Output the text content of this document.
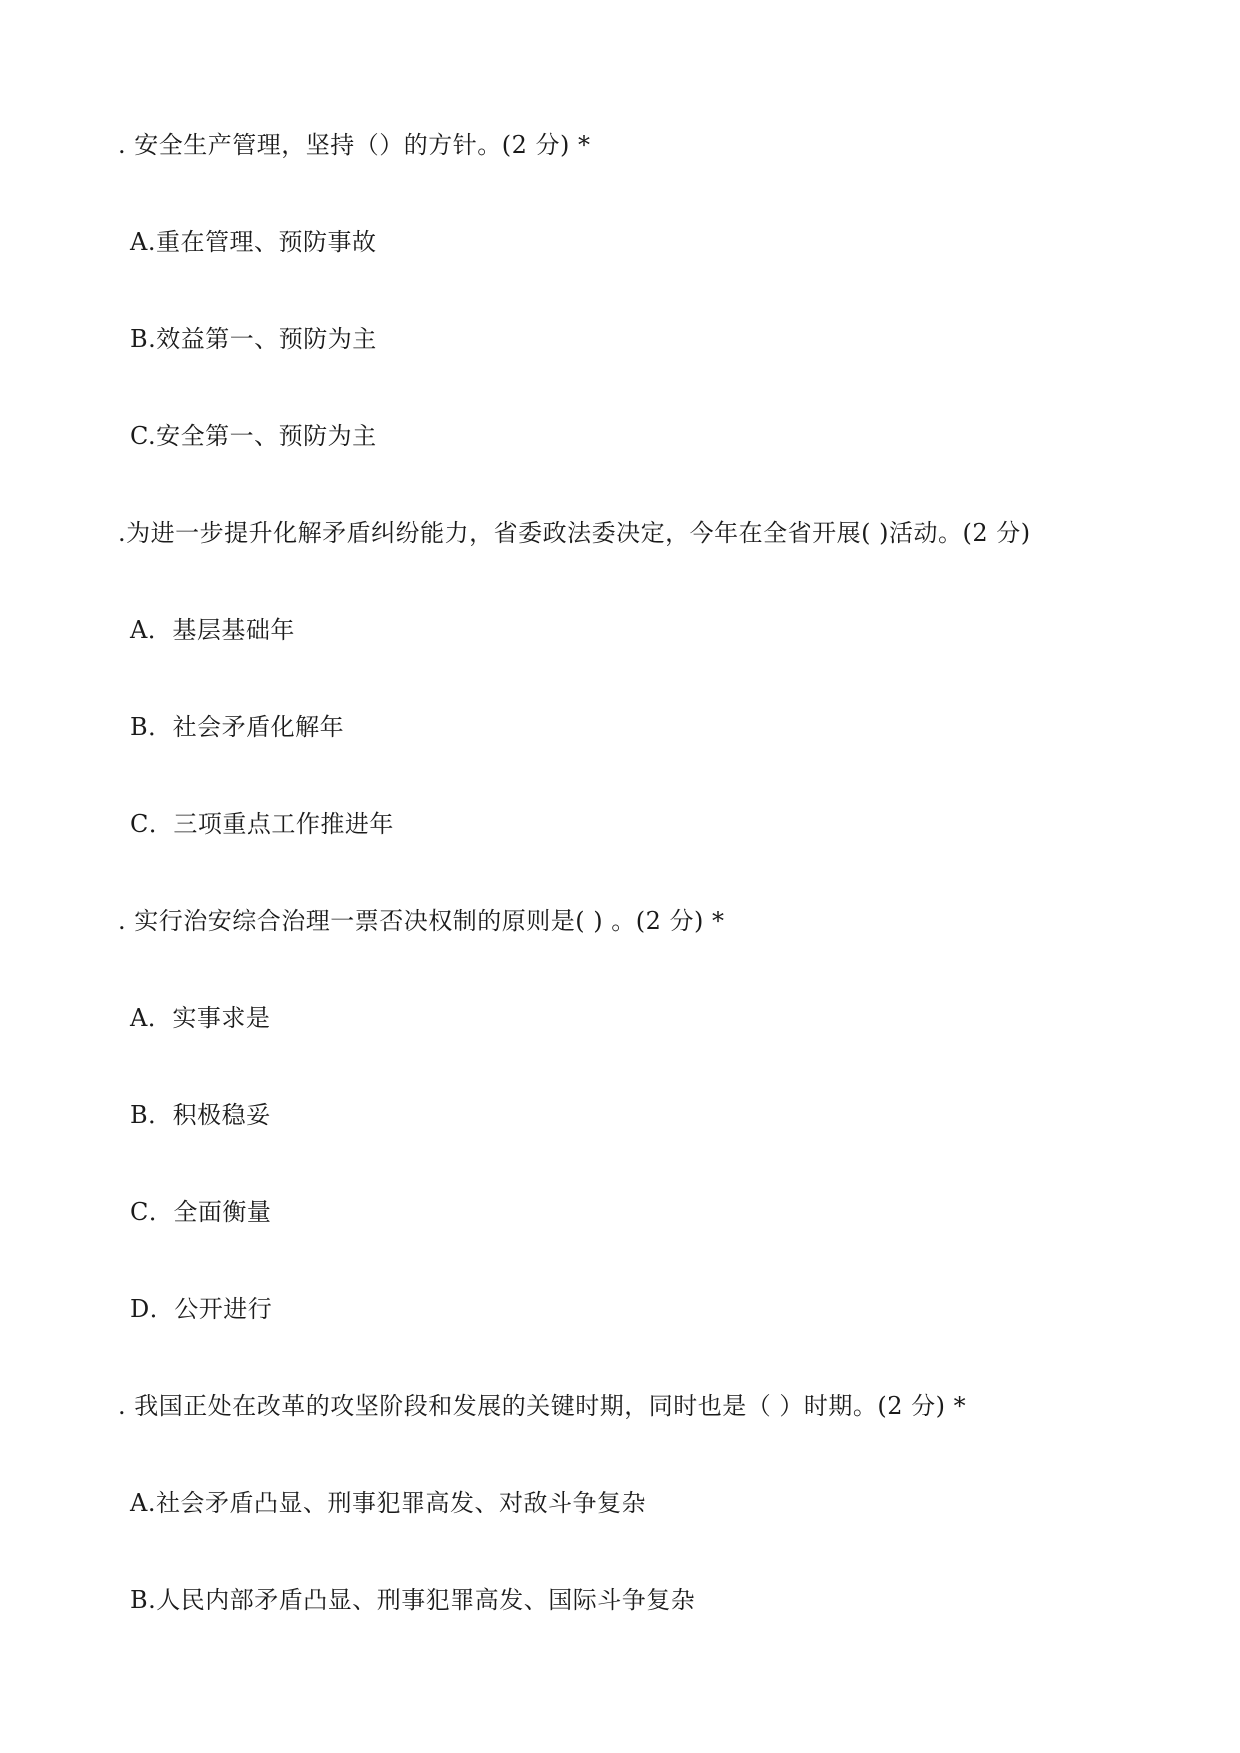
. 安全生产管理，坚持（）的方针。(2 分) *
A.重在管理、预防事故
B.效益第一、预防为主
C.安全第一、预防为主
.为进一步提升化解矛盾纠纷能力，省委政法委决定，今年在全省开展( )活动。(2 分)
A．基层基础年
B．社会矛盾化解年
C．三项重点工作推进年
. 实行治安综合治理一票否决权制的原则是( ) 。(2 分) *
A．实事求是
B．积极稳妥
C．全面衡量
D．公开进行
. 我国正处在改革的攻坚阶段和发展的关键时期，同时也是（ ）时期。(2 分) *
A.社会矛盾凸显、刑事犯罪高发、对敌斗争复杂
B.人民内部矛盾凸显、刑事犯罪高发、国际斗争复杂
